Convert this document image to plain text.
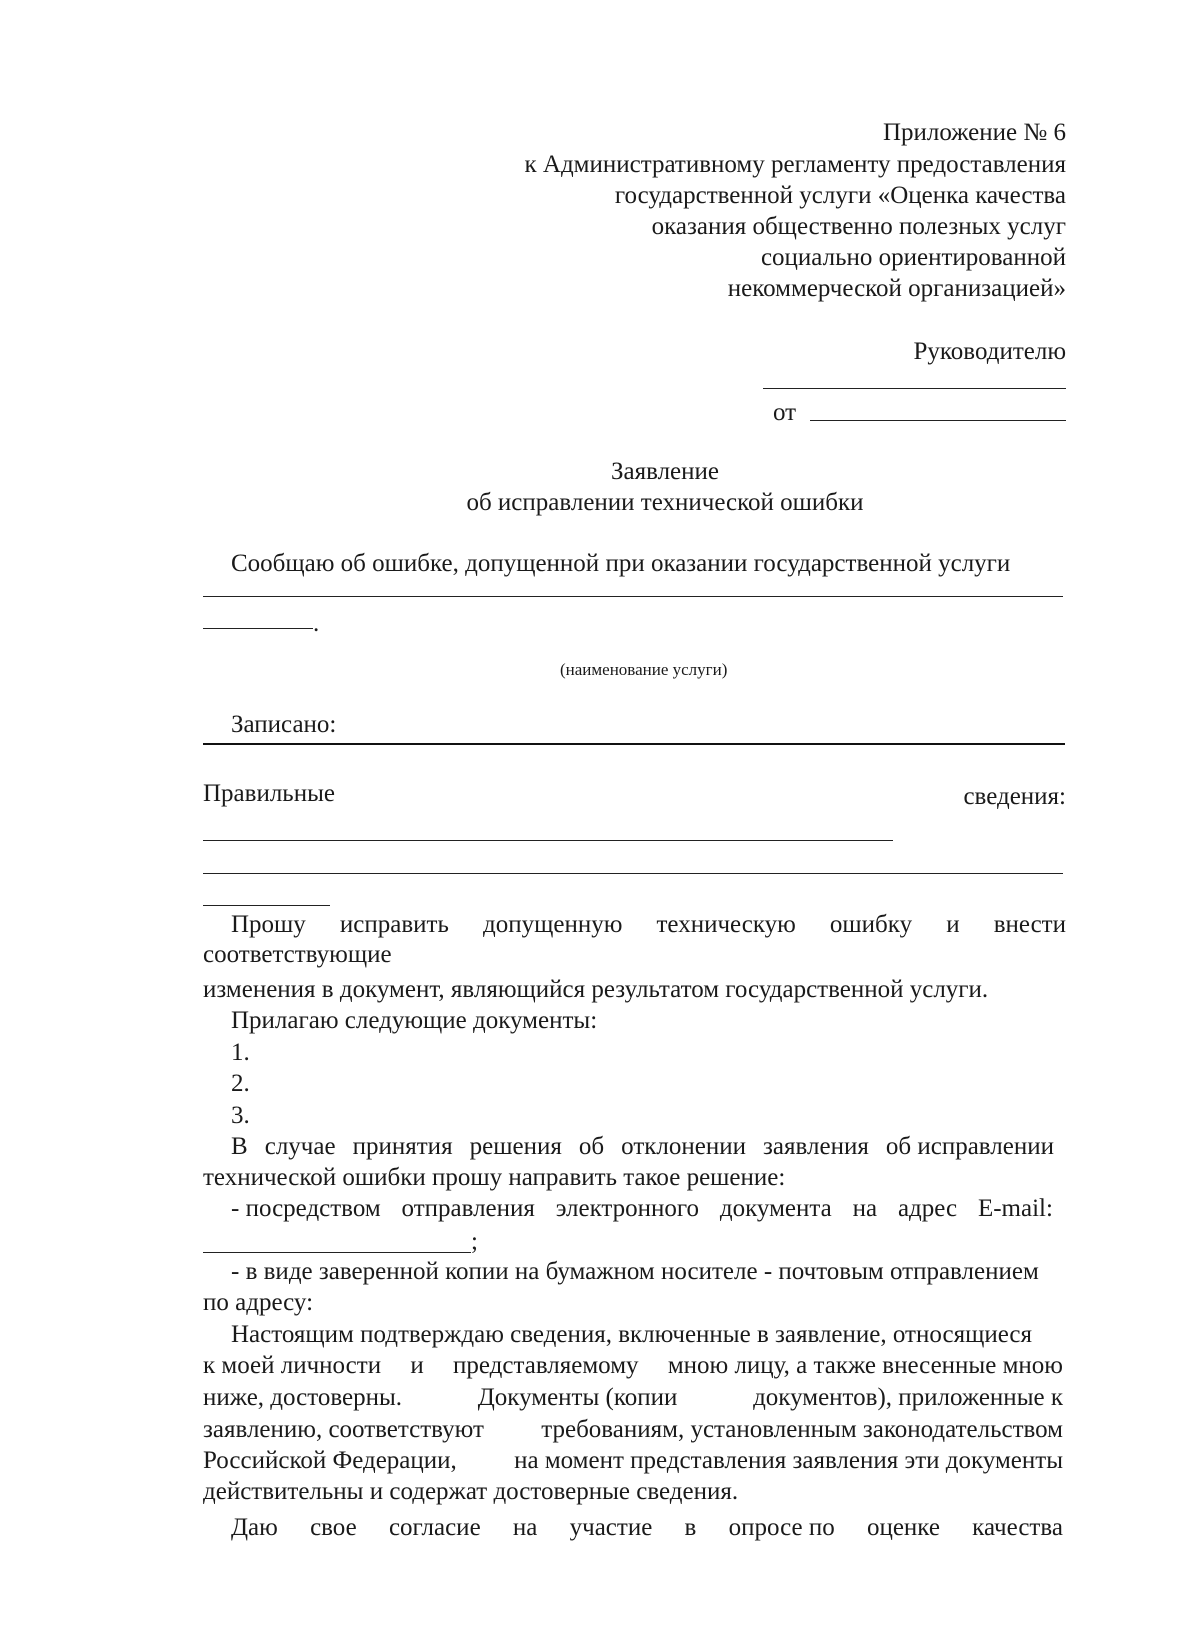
Приложение № 6
к Административному регламенту предоставления
государственной услуги «Оценка качества
оказания общественно полезных услуг
социально ориентированной
некоммерческой организацией»
Руководителю
от
Заявление
об исправлении технической ошибки
Сообщаю об ошибке, допущенной при оказании государственной услуги
.
(наименование услуги)
Записано:
Правильные	сведения:
Прошу исправить допущенную техническую ошибку и внести
соответствующие
изменения в документ, являющийся результатом государственной услуги.
Прилагаю следующие документы:
1.
2.
3.
В случае принятия решения об отклонении заявления об исправлении
технической ошибки прошу направить такое решение:
- посредством отправления электронного документа на адрес E-mail:
;
- в виде заверенной копии на бумажном носителе - почтовым отправлением
по адресу:
Настоящим подтверждаю сведения, включенные в заявление, относящиеся
к моей личности и представляемому мною лицу, а также внесенные мною
ниже, достоверны.	Документы (копии	документов), приложенные к
заявлению, соответствуют требованиям, установленным законодательством
Российской Федерации, на момент представления заявления эти документы
действительны и содержат достоверные сведения.
Даю свое согласие на участие в опросе по оценке качества
